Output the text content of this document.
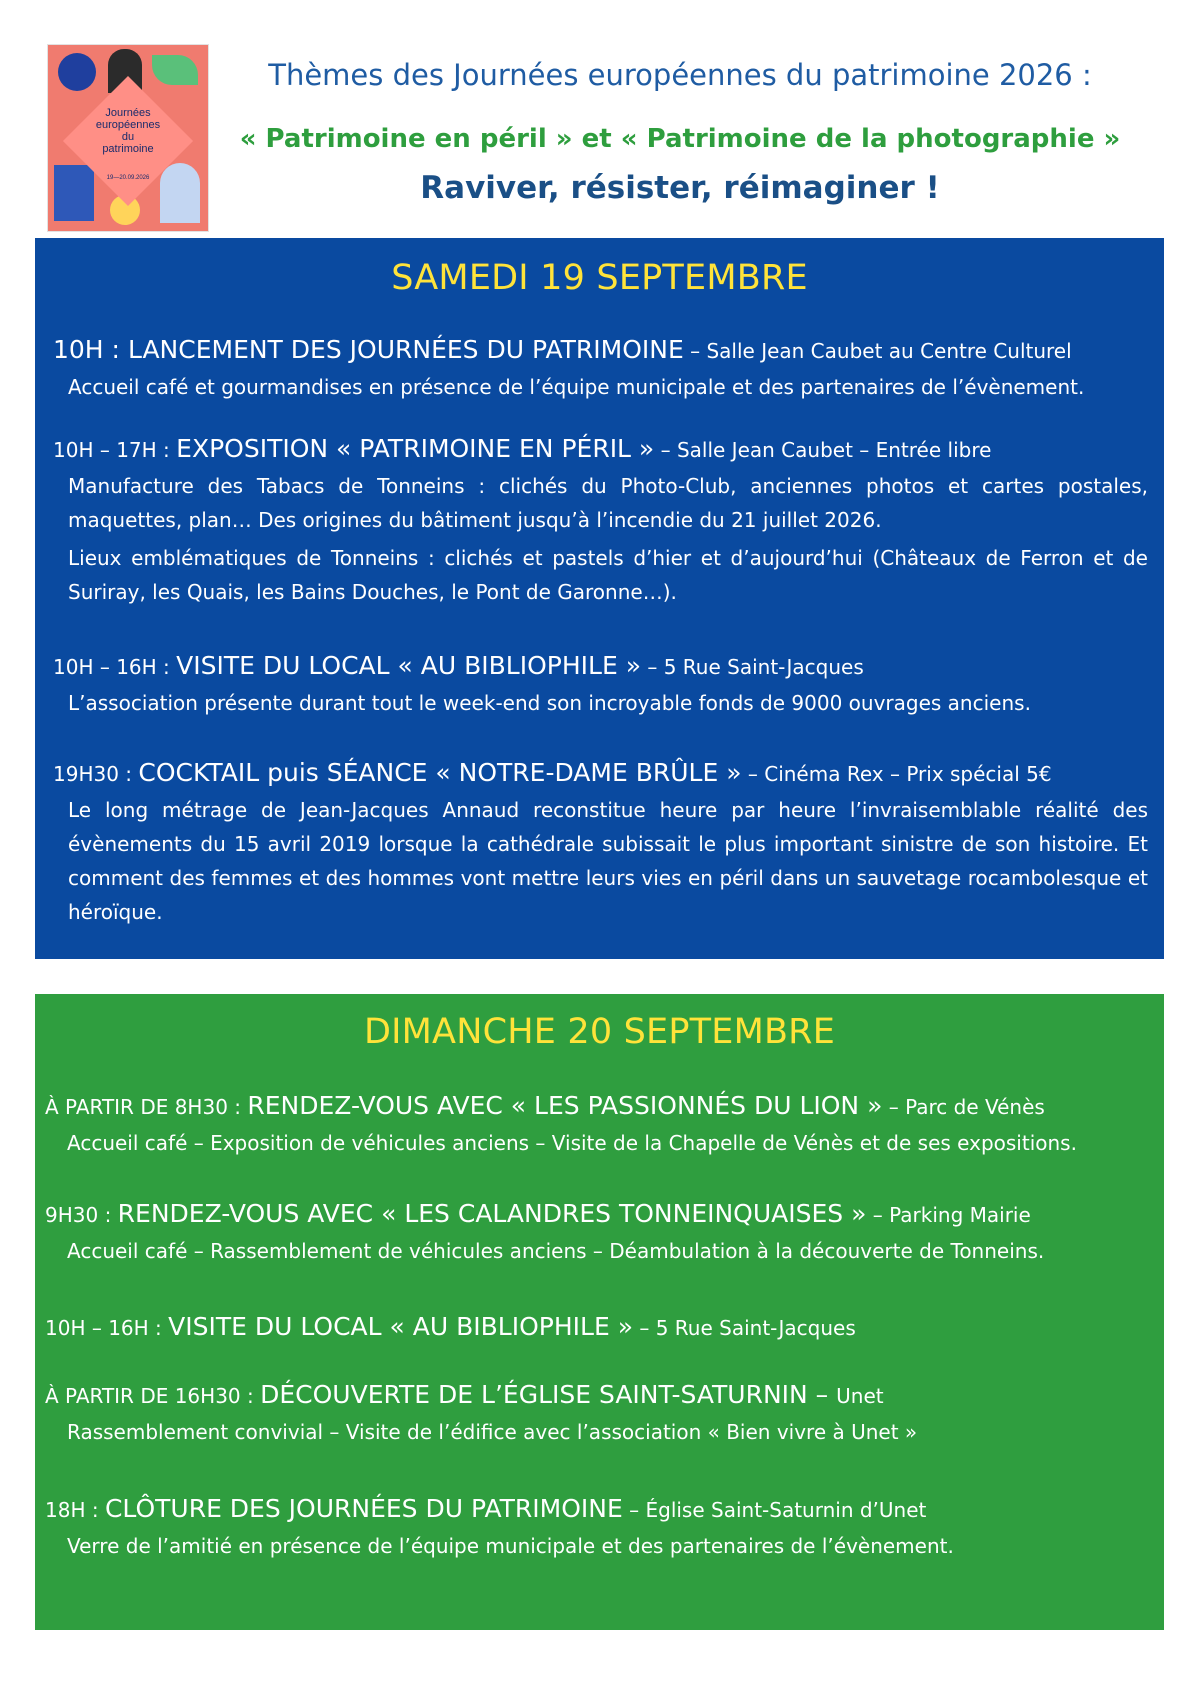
Journées
européennes
du
patrimoine
19—20.09.2026
Thèmes des Journées européennes du patrimoine 2026 :
« Patrimoine en péril » et « Patrimoine de la photographie »
Raviver, résister, réimaginer !
SAMEDI 19 SEPTEMBRE
10H : LANCEMENT DES JOURNÉES DU PATRIMOINE – Salle Jean Caubet au Centre Culturel
Accueil café et gourmandises en présence de l’équipe municipale et des partenaires de l’évènement.
10H – 17H : EXPOSITION « PATRIMOINE EN PÉRIL » – Salle Jean Caubet – Entrée libre
Manufacture des Tabacs de Tonneins : clichés du Photo-Club, anciennes photos et cartes postales, maquettes, plan… Des origines du bâtiment jusqu’à l’incendie du 21 juillet 2026.
Lieux emblématiques de Tonneins : clichés et pastels d’hier et d’aujourd’hui (Châteaux de Ferron et de Suriray, les Quais, les Bains Douches, le Pont de Garonne…).
10H – 16H : VISITE DU LOCAL « AU BIBLIOPHILE » – 5 Rue Saint-Jacques
L’association présente durant tout le week-end son incroyable fonds de 9000 ouvrages anciens.
19H30 : COCKTAIL puis SÉANCE « NOTRE-DAME BRÛLE » – Cinéma Rex – Prix spécial 5€
Le long métrage de Jean-Jacques Annaud reconstitue heure par heure l’invraisemblable réalité des évènements du 15 avril 2019 lorsque la cathédrale subissait le plus important sinistre de son histoire. Et comment des femmes et des hommes vont mettre leurs vies en péril dans un sauvetage rocambolesque et héroïque.
DIMANCHE 20 SEPTEMBRE
À PARTIR DE 8H30 : RENDEZ-VOUS AVEC « LES PASSIONNÉS DU LION » – Parc de Vénès
Accueil café – Exposition de véhicules anciens – Visite de la Chapelle de Vénès et de ses expositions.
9H30 : RENDEZ-VOUS AVEC « LES CALANDRES TONNEINQUAISES » – Parking Mairie
Accueil café – Rassemblement de véhicules anciens – Déambulation à la découverte de Tonneins.
10H – 16H : VISITE DU LOCAL « AU BIBLIOPHILE » – 5 Rue Saint-Jacques
À PARTIR DE 16H30 : DÉCOUVERTE DE L’ÉGLISE SAINT-SATURNIN – Unet
Rassemblement convivial – Visite de l’édifice avec l’association « Bien vivre à Unet »
18H : CLÔTURE DES JOURNÉES DU PATRIMOINE – Église Saint-Saturnin d’Unet
Verre de l’amitié en présence de l’équipe municipale et des partenaires de l’évènement.
